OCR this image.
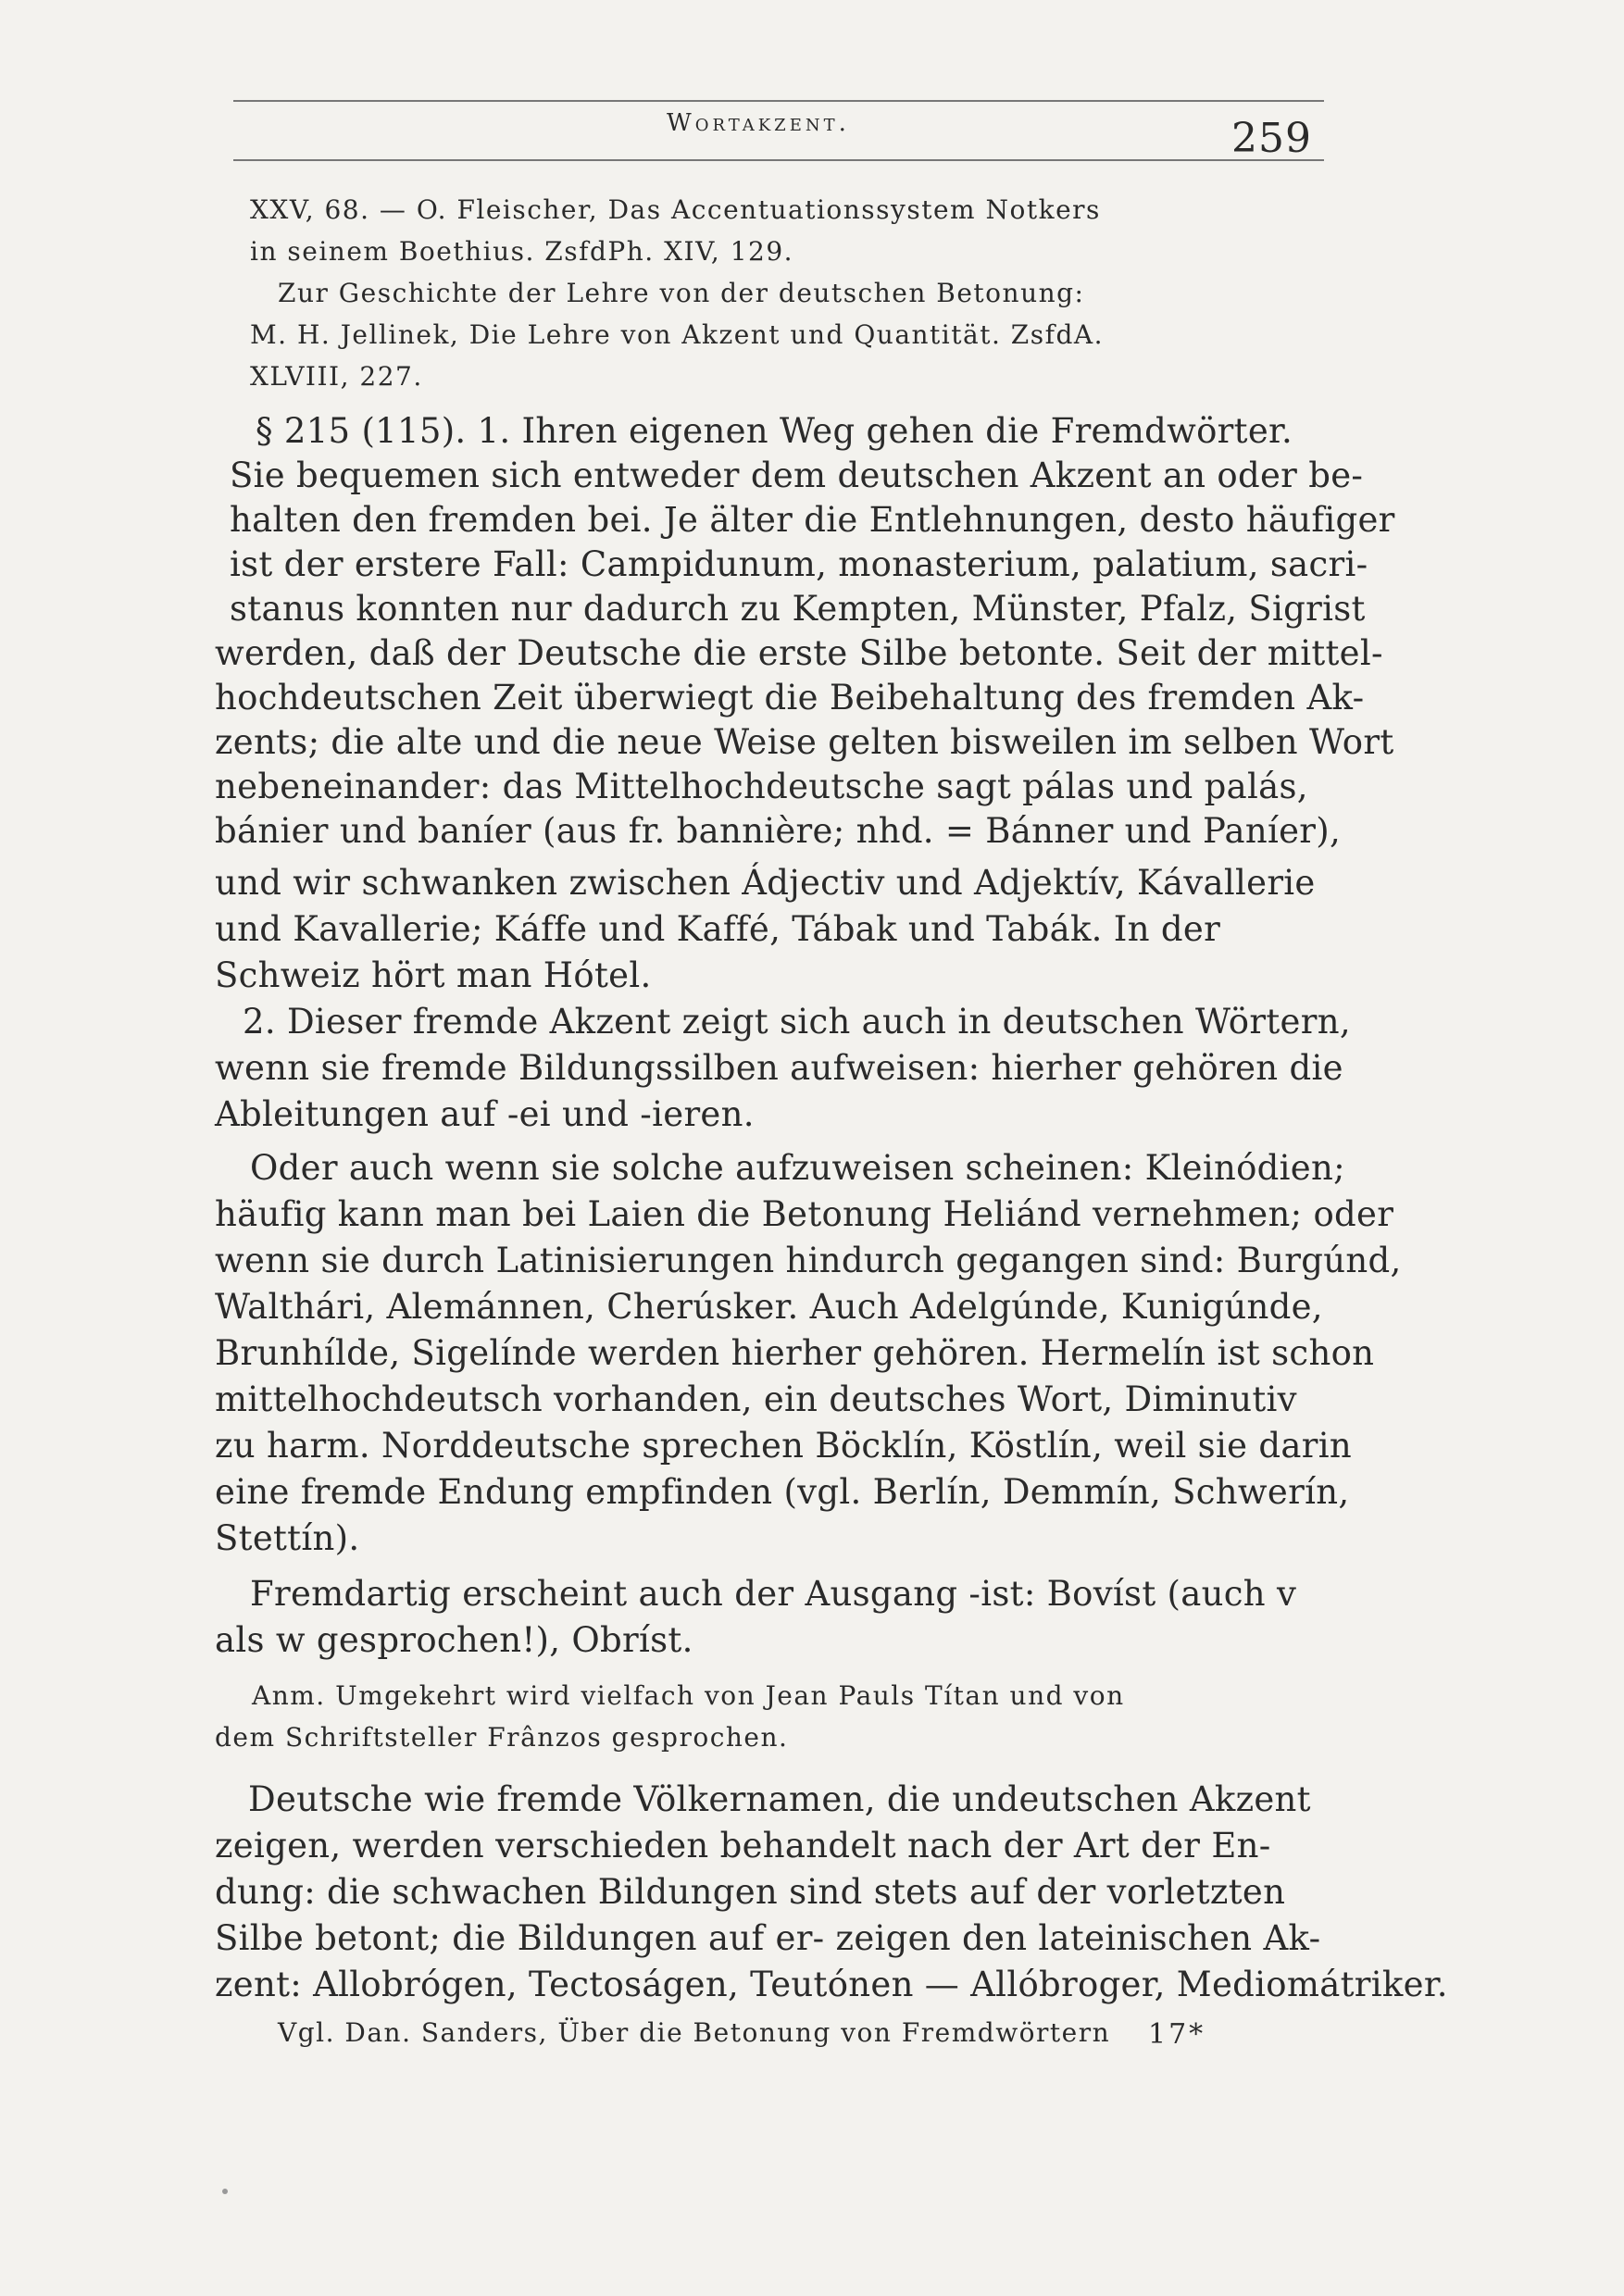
Wortakzent.	259
XXV, 68. — O. Fleischer, Das Accentuationssystem Notkers
in seinem Boethius. ZsfdPh. XIV, 129.
Zur Geschichte der Lehre von der deutschen Betonung:
M. H. Jellinek, Die Lehre von Akzent und Quantität. ZsfdA.
XLVIII, 227.
§ 215 (115). 1. Ihren eigenen Weg gehen die Fremdwörter.
Sie bequemen sich entweder dem deutschen Akzent an oder be-
halten den fremden bei. Je älter die Entlehnungen, desto häufiger
ist der erstere Fall: Campidunum, monasterium, palatium, sacri-
stanus konnten nur dadurch zu Kempten, Münster, Pfalz, Sigrist
werden, daß der Deutsche die erste Silbe betonte. Seit der mittel-
hochdeutschen Zeit überwiegt die Beibehaltung des fremden Ak-
zents; die alte und die neue Weise gelten bisweilen im selben Wort
nebeneinander: das Mittelhochdeutsche sagt pálas und palás,
bánier und baníer (aus fr. bannière; nhd. = Bánner und Paníer),
und wir schwanken zwischen Ádjectiv und Adjektív, Kávallerie
und Kavallerie; Káffe und Kaffé, Tábak und Tabák. In der
Schweiz hört man Hótel.
2. Dieser fremde Akzent zeigt sich auch in deutschen Wörtern,
wenn sie fremde Bildungssilben aufweisen: hierher gehören die
Ableitungen auf -ei und -ieren.
Oder auch wenn sie solche aufzuweisen scheinen: Kleinódien;
häufig kann man bei Laien die Betonung Heliánd vernehmen; oder
wenn sie durch Latinisierungen hindurch gegangen sind: Burgúnd,
Walthári, Alemánnen, Cherúsker. Auch Adelgúnde, Kunigúnde,
Brunhílde, Sigelínde werden hierher gehören. Hermelín ist schon
mittelhochdeutsch vorhanden, ein deutsches Wort, Diminutiv
zu harm. Norddeutsche sprechen Böcklín, Köstlín, weil sie darin
eine fremde Endung empfinden (vgl. Berlín, Demmín, Schwerín,
Stettín).
Fremdartig erscheint auch der Ausgang -ist: Bovíst (auch v
als w gesprochen!), Obríst.
Anm. Umgekehrt wird vielfach von Jean Pauls Títan und von
dem Schriftsteller Frânzos gesprochen.
Deutsche wie fremde Völkernamen, die undeutschen Akzent
zeigen, werden verschieden behandelt nach der Art der En-
dung: die schwachen Bildungen sind stets auf der vorletzten
Silbe betont; die Bildungen auf er- zeigen den lateinischen Ak-
zent: Allobrógen, Tectoságen, Teutónen — Allóbroger, Mediomátriker.
Vgl. Dan. Sanders, Über die Betonung von Fremdwörtern 17*
